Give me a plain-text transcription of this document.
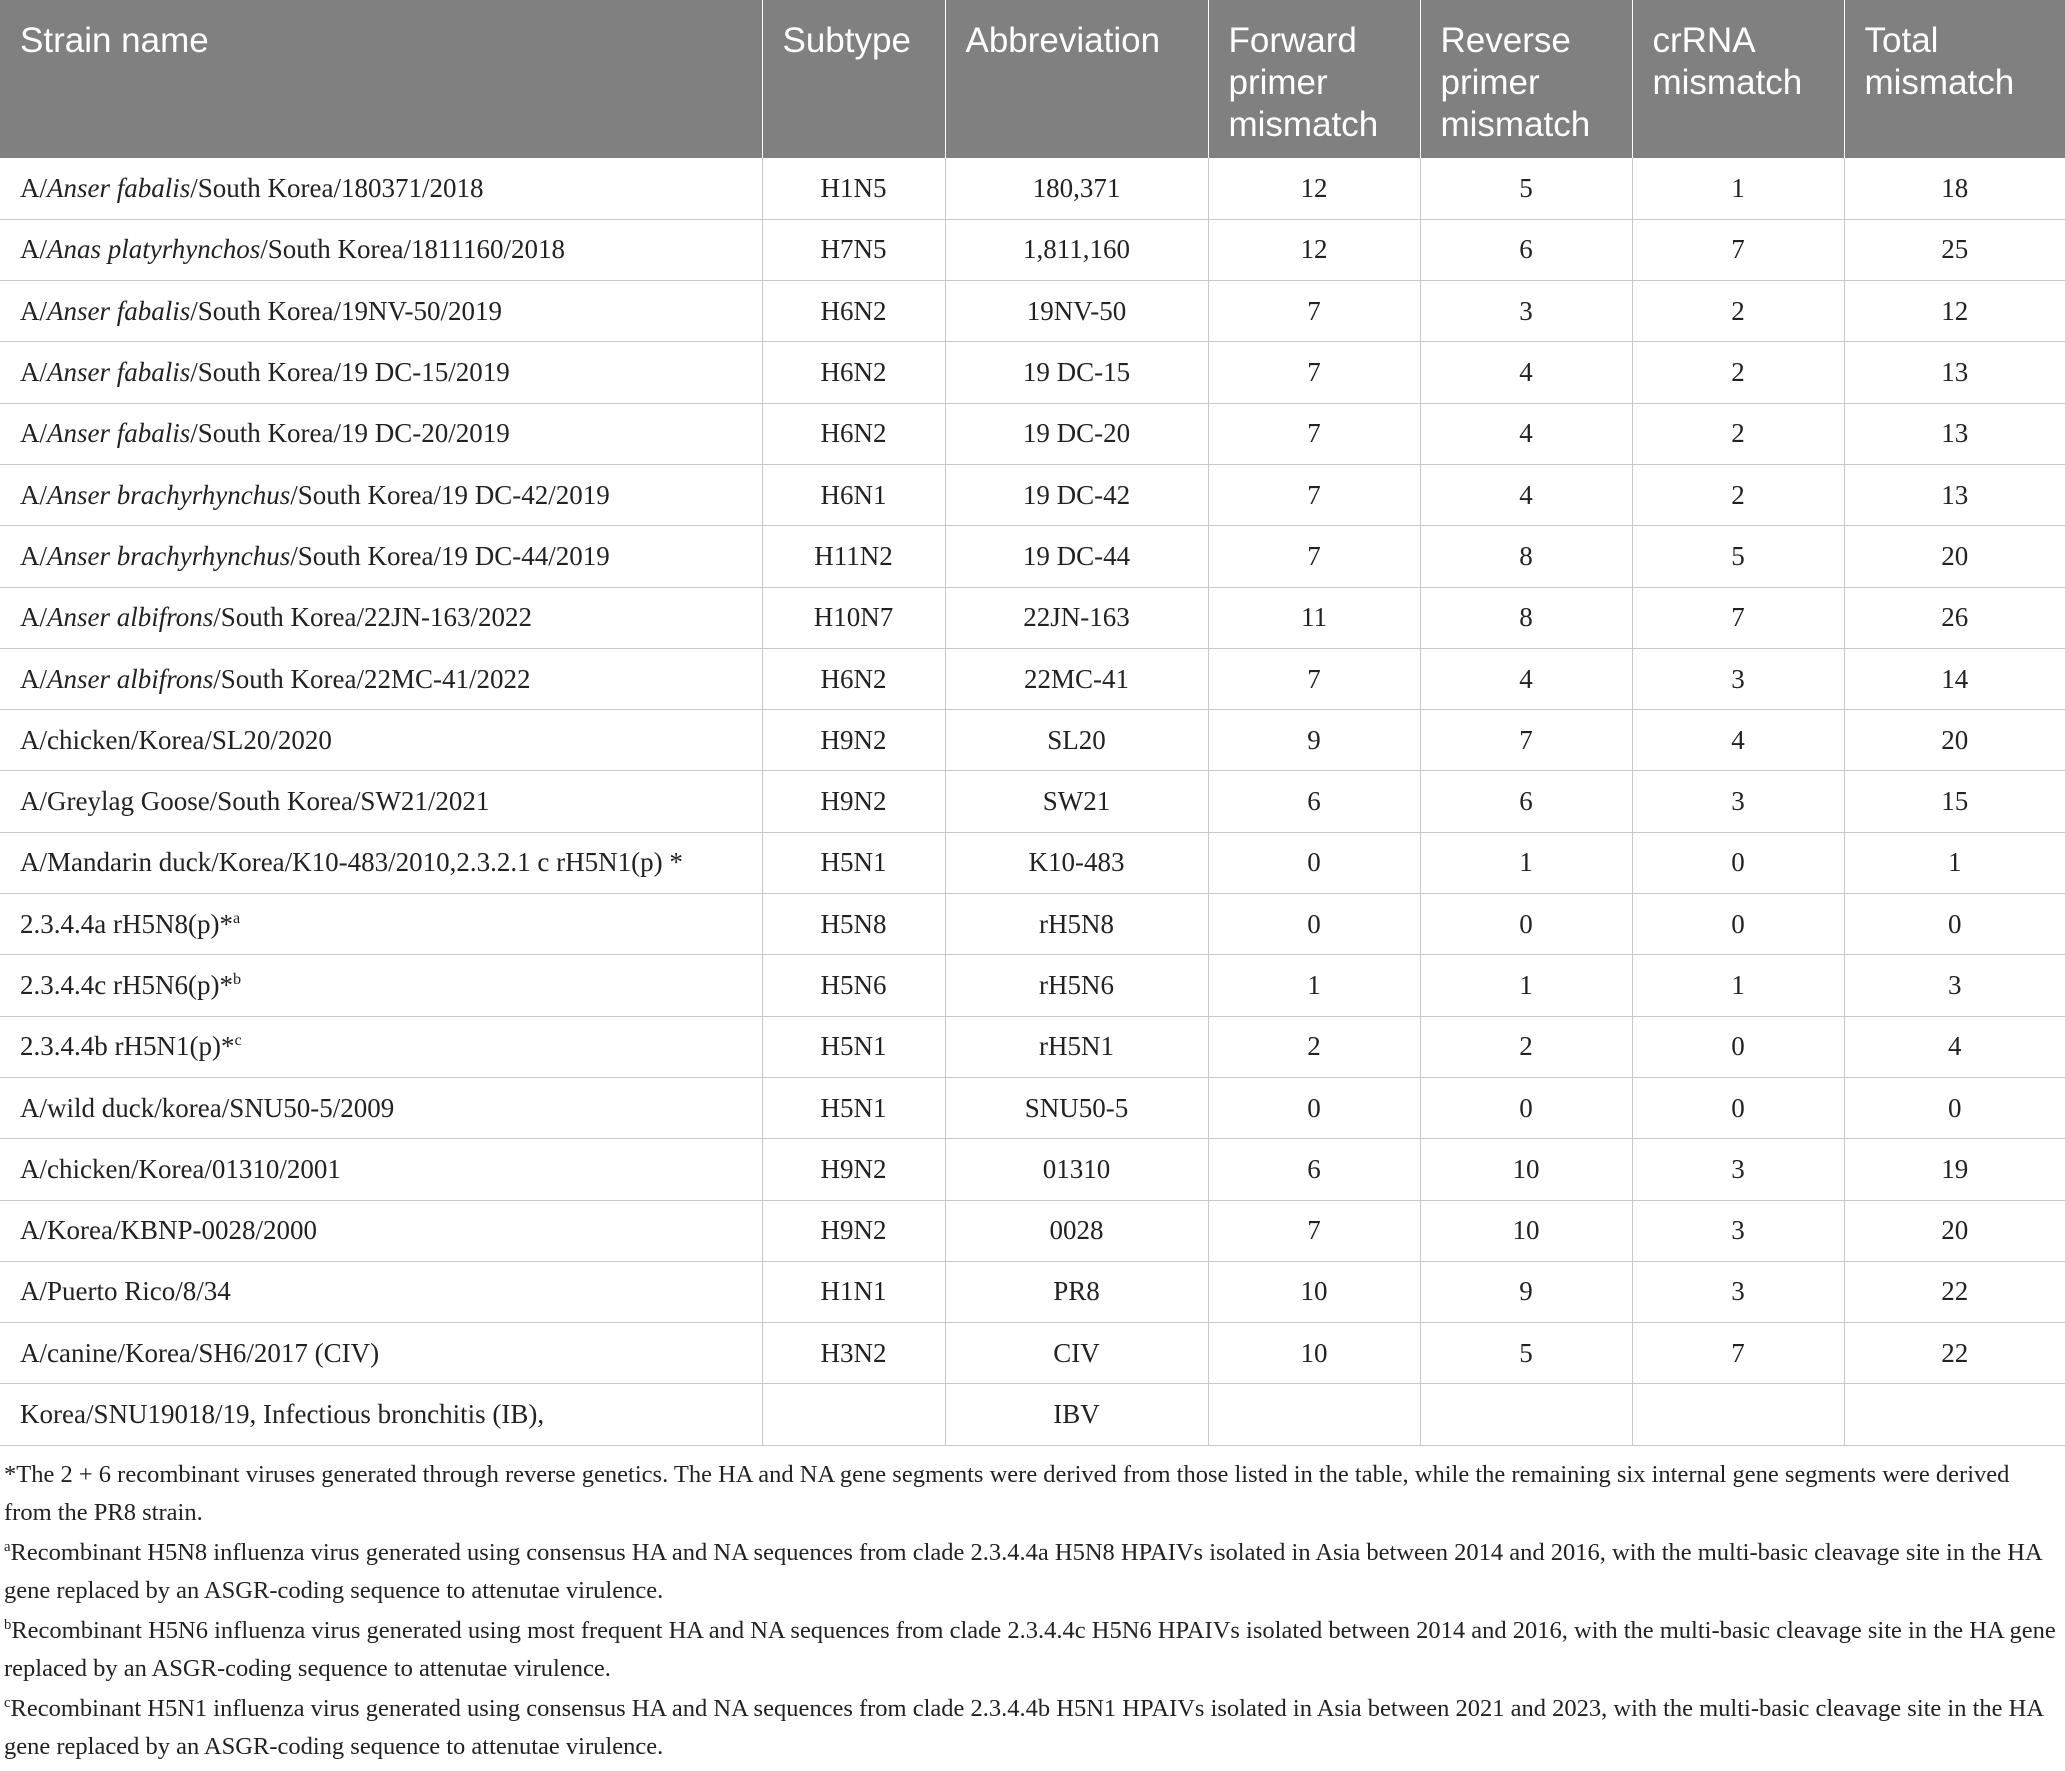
Strain name	Subtype	Abbreviation	Forward primer mismatch	Reverse primer mismatch	crRNA mismatch	Total mismatch
A/Anser fabalis/South Korea/180371/2018	H1N5	180,371	12	5	1	18
A/Anas platyrhynchos/South Korea/1811160/2018	H7N5	1,811,160	12	6	7	25
A/Anser fabalis/South Korea/19NV-50/2019	H6N2	19NV-50	7	3	2	12
A/Anser fabalis/South Korea/19 DC-15/2019	H6N2	19 DC-15	7	4	2	13
A/Anser fabalis/South Korea/19 DC-20/2019	H6N2	19 DC-20	7	4	2	13
A/Anser brachyrhynchus/South Korea/19 DC-42/2019	H6N1	19 DC-42	7	4	2	13
A/Anser brachyrhynchus/South Korea/19 DC-44/2019	H11N2	19 DC-44	7	8	5	20
A/Anser albifrons/South Korea/22JN-163/2022	H10N7	22JN-163	11	8	7	26
A/Anser albifrons/South Korea/22MC-41/2022	H6N2	22MC-41	7	4	3	14
A/chicken/Korea/SL20/2020	H9N2	SL20	9	7	4	20
A/Greylag Goose/South Korea/SW21/2021	H9N2	SW21	6	6	3	15
A/Mandarin duck/Korea/K10-483/2010,2.3.2.1 c rH5N1(p) *	H5N1	K10-483	0	1	0	1
2.3.4.4a rH5N8(p)*$^a$	H5N8	rH5N8	0	0	0	0
2.3.4.4c rH5N6(p)*$^b$	H5N6	rH5N6	1	1	1	3
2.3.4.4b rH5N1(p)*$^c$	H5N1	rH5N1	2	2	0	4
A/wild duck/korea/SNU50-5/2009	H5N1	SNU50-5	0	0	0	0
A/chicken/Korea/01310/2001	H9N2	01310	6	10	3	19
A/Korea/KBNP-0028/2000	H9N2	0028	7	10	3	20
A/Puerto Rico/8/34	H1N1	PR8	10	9	3	22
A/canine/Korea/SH6/2017 (CIV)	H3N2	CIV	10	5	7	22
Korea/SNU19018/19, Infectious bronchitis (IB),		IBV				

*The 2 + 6 recombinant viruses generated through reverse genetics. The HA and NA gene segments were derived from those listed in the table, while the remaining six internal gene segments were derived from the PR8 strain.

$^a$Recombinant H5N8 influenza virus generated using consensus HA and NA sequences from clade 2.3.4.4a H5N8 HPAIVs isolated in Asia between 2014 and 2016, with the multi-basic cleavage site in the HA gene replaced by an ASGR-coding sequence to attenutae virulence.

$^b$Recombinant H5N6 influenza virus generated using most frequent HA and NA sequences from clade 2.3.4.4c H5N6 HPAIVs isolated between 2014 and 2016, with the multi-basic cleavage site in the HA gene replaced by an ASGR-coding sequence to attenutae virulence.

$^c$Recombinant H5N1 influenza virus generated using consensus HA and NA sequences from clade 2.3.4.4b H5N1 HPAIVs isolated in Asia between 2021 and 2023, with the multi-basic cleavage site in the HA gene replaced by an ASGR-coding sequence to attenutae virulence.
